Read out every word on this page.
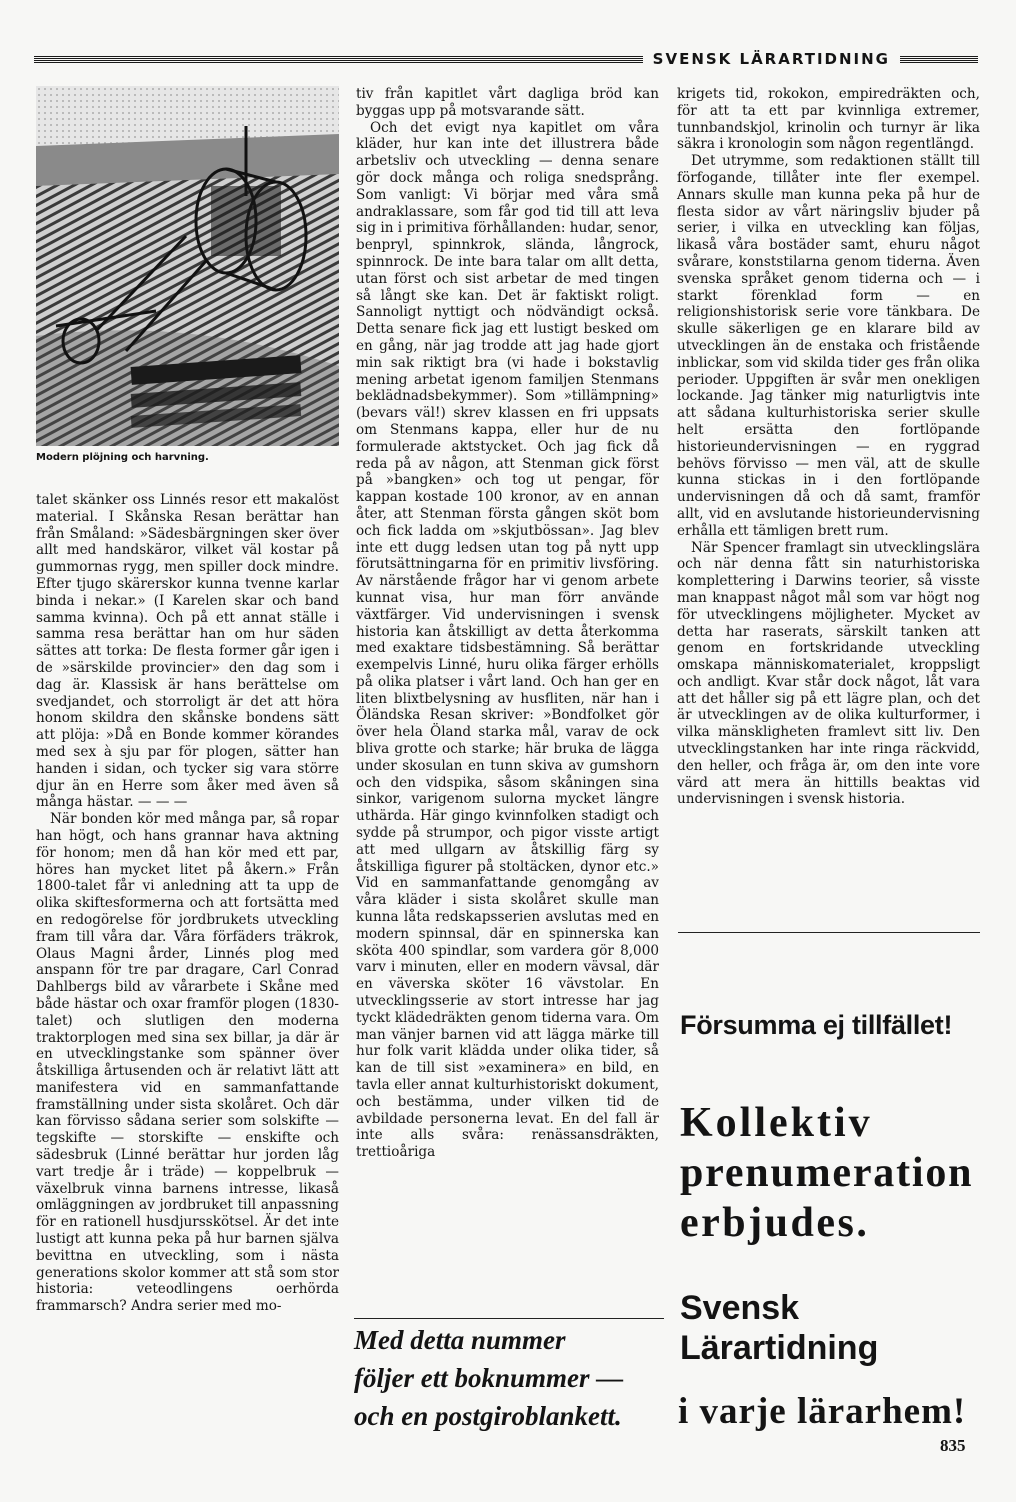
SVENSK LÄRARTIDNING
Modern plöjning och harvning.

talet skänker oss Linnés resor ett makalöst material. I Skånska Resan berättar han från Småland: »Sädesbärgningen sker över allt med handskäror, vilket väl kostar på gummornas rygg, men spiller dock mindre. Efter tjugo skärerskor kunna tvenne karlar binda i nekar.» (I Karelen skar och band samma kvinna). Och på ett annat ställe i samma resa berättar han om hur säden sättes att torka: De flesta former går igen i de »särskilde provincier» den dag som i dag är. Klassisk är hans berättelse om svedjandet, och storroligt är det att höra honom skildra den skånske bondens sätt att plöja: »Då en Bonde kommer körandes med sex à sju par för plogen, sätter han handen i sidan, och tycker sig vara större djur än en Herre som åker med även så många hästar. — — —

När bonden kör med många par, så ropar han högt, och hans grannar hava aktning för honom; men då han kör med ett par, höres han mycket litet på åkern.» Från 1800-talet får vi anledning att ta upp de olika skiftesformerna och att fortsätta med en redogörelse för jordbrukets utveckling fram till våra dar. Våra förfäders träkrok, Olaus Magni årder, Linnés plog med anspann för tre par dragare, Carl Conrad Dahlbergs bild av vårarbete i Skåne med både hästar och oxar framför plogen (1830-talet) och slutligen den moderna traktorplogen med sina sex billar, ja där är en utvecklingstanke som spänner över åtskilliga årtusenden och är relativt lätt att manifestera vid en sammanfattande framställning under sista skolåret. Och där kan förvisso sådana serier som solskifte — tegskifte — storskifte — enskifte och sädesbruk (Linné berättar hur jorden låg vart tredje år i träde) — koppelbruk — växelbruk vinna barnens intresse, likaså omläggningen av jordbruket till anpassning för en rationell husdjursskötsel. Är det inte lustigt att kunna peka på hur barnen själva bevittna en utveckling, som i nästa generations skolor kommer att stå som stor historia: veteodlingens oerhörda frammarsch? Andra serier med mo-

tiv från kapitlet vårt dagliga bröd kan byggas upp på motsvarande sätt.

Och det evigt nya kapitlet om våra kläder, hur kan inte det illustrera både arbetsliv och utveckling — denna senare gör dock många och roliga snedsprång. Som vanligt: Vi börjar med våra små andraklassare, som får god tid till att leva sig in i primitiva förhållanden: hudar, senor, benpryl, spinnkrok, slända, långrock, spinnrock. De inte bara talar om allt detta, utan först och sist arbetar de med tingen så långt ske kan. Det är faktiskt roligt. Sannoligt nyttigt och nödvändigt också. Detta senare fick jag ett lustigt besked om en gång, när jag trodde att jag hade gjort min sak riktigt bra (vi hade i bokstavlig mening arbetat igenom familjen Stenmans beklädnadsbekymmer). Som »tillämpning» (bevars väl!) skrev klassen en fri uppsats om Stenmans kappa, eller hur de nu formulerade aktstycket. Och jag fick då reda på av någon, att Stenman gick först på »bangken» och tog ut pengar, för kappan kostade 100 kronor, av en annan åter, att Stenman första gången sköt bom och fick ladda om »skjutbössan». Jag blev inte ett dugg ledsen utan tog på nytt upp förutsättningarna för en primitiv livsföring. Av närstående frågor har vi genom arbete kunnat visa, hur man förr använde växtfärger. Vid undervisningen i svensk historia kan åtskilligt av detta återkomma med exaktare tidsbestämning. Så berättar exempelvis Linné, huru olika färger erhölls på olika platser i vårt land. Och han ger en liten blixtbelysning av husfliten, när han i Öländska Resan skriver: »Bondfolket gör över hela Öland starka mål, varav de ock bliva grotte och starke; här bruka de lägga under skosulan en tunn skiva av gumshorn och den vidspika, såsom skåningen sina sinkor, varigenom sulorna mycket längre uthärda. Här gingo kvinnfolken stadigt och sydde på strumpor, och pigor visste artigt att med ullgarn av åtskillig färg sy åtskilliga figurer på stoltäcken, dynor etc.» Vid en sammanfattande genomgång av våra kläder i sista skolåret skulle man kunna låta redskapsserien avslutas med en modern spinnsal, där en spinnerska kan sköta 400 spindlar, som vardera gör 8,000 varv i minuten, eller en modern vävsal, där en väverska sköter 16 vävstolar. En utvecklingsserie av stort intresse har jag tyckt klädedräkten genom tiderna vara. Om man vänjer barnen vid att lägga märke till hur folk varit klädda under olika tider, så kan de till sist »examinera» en bild, en tavla eller annat kulturhistoriskt dokument, och bestämma, under vilken tid de avbildade personerna levat. En del fall är inte alls svåra: renässansdräkten, trettioåriga

krigets tid, rokokon, empiredräkten och, för att ta ett par kvinnliga extremer, tunnbandskjol, krinolin och turnyr är lika säkra i kronologin som någon regentlängd.

Det utrymme, som redaktionen ställt till förfogande, tillåter inte fler exempel. Annars skulle man kunna peka på hur de flesta sidor av vårt näringsliv bjuder på serier, i vilka en utveckling kan följas, likaså våra bostäder samt, ehuru något svårare, konststilarna genom tiderna. Även svenska språket genom tiderna och — i starkt förenklad form — en religionshistorisk serie vore tänkbara. De skulle säkerligen ge en klarare bild av utvecklingen än de enstaka och fristående inblickar, som vid skilda tider ges från olika perioder. Uppgiften är svår men onekligen lockande. Jag tänker mig naturligtvis inte att sådana kulturhistoriska serier skulle helt ersätta den fortlöpande historieundervisningen — en ryggrad behövs förvisso — men väl, att de skulle kunna stickas in i den fortlöpande undervisningen då och då samt, framför allt, vid en avslutande historieundervisning erhålla ett tämligen brett rum.

När Spencer framlagt sin utvecklingslära och när denna fått sin naturhistoriska komplettering i Darwins teorier, så visste man knappast något mål som var högt nog för utvecklingens möjligheter. Mycket av detta har raserats, särskilt tanken att genom en fortskridande utveckling omskapa människomaterialet, kroppsligt och andligt. Kvar står dock något, låt vara att det håller sig på ett lägre plan, och det är utvecklingen av de olika kulturformer, i vilka mänskligheten framlevt sitt liv. Den utvecklingstanken har inte ringa räckvidd, den heller, och fråga är, om den inte vore värd att mera än hittills beaktas vid undervisningen i svensk historia.

Med detta nummer
följer ett boknummer —
och en postgiroblankett.
Försumma ej tillfället!
Kollektiv
prenumeration
erbjudes.
Svensk
Lärartidning
i varje lärarhem!
835
